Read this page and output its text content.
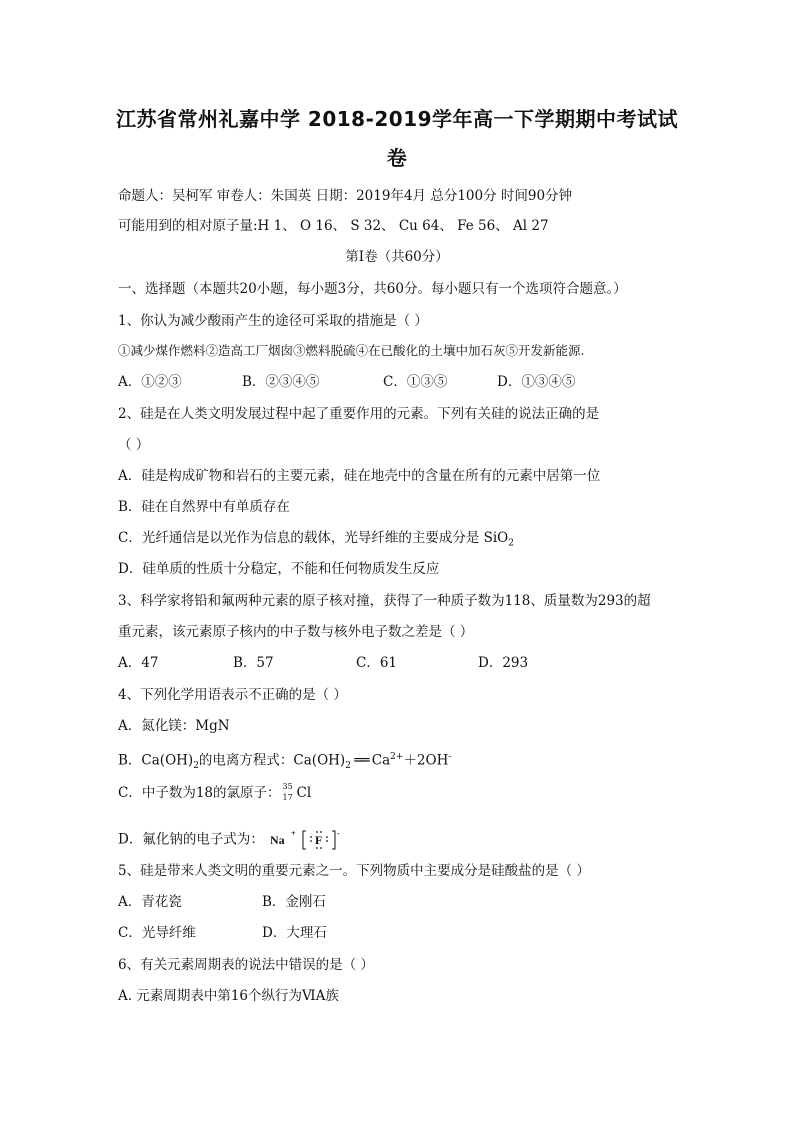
江苏省常州礼嘉中学 2018-2019学年高一下学期期中考试试
卷
命题人：吴柯军 审卷人：朱国英 日期：2019年4月 总分100分 时间90分钟
可能用到的相对原子量:H 1、 O 16、 S 32、 Cu 64、 Fe 56、 Al 27
第Ⅰ卷（共60分）
一、选择题（本题共20小题，每小题3分，共60分。每小题只有一个选项符合题意。）
1、你认为减少酸雨产生的途径可采取的措施是（ ）
①减少煤作燃料②造高工厂烟囱③燃料脱硫④在已酸化的土壤中加石灰⑤开发新能源.
A．①②③	B．②③④⑤	C．①③⑤	D．①③④⑤
2、硅是在人类文明发展过程中起了重要作用的元素。下列有关硅的说法正确的是
（ ）
A．硅是构成矿物和岩石的主要元素，硅在地壳中的含量在所有的元素中居第一位
B．硅在自然界中有单质存在
C．光纤通信是以光作为信息的载体，光导纤维的主要成分是 SiO$_2$
D．硅单质的性质十分稳定，不能和任何物质发生反应
3、科学家将铅和氟两种元素的原子核对撞，获得了一种质子数为118、质量数为293的超
重元素，该元素原子核内的中子数与核外电子数之差是（ ）
A．47	B．57	C．61	D．293
4、下列化学用语表示不正确的是（ ）
A．氮化镁：MgN
B．$Ca(OH)_2$的电离方程式：$Ca(OH)_2$ ══ $Ca^{2+}+2OH^-$
C．中子数为18的氯原子： 35
17 Cl
D．氟化钠的电子式为： Na + F -
5、硅是带来人类文明的重要元素之一。下列物质中主要成分是硅酸盐的是（ ）
A．青花瓷	B．金刚石
C．光导纤维	D．大理石
6、有关元素周期表的说法中错误的是（ ）
A. 元素周期表中第16个纵行为ⅥA族
